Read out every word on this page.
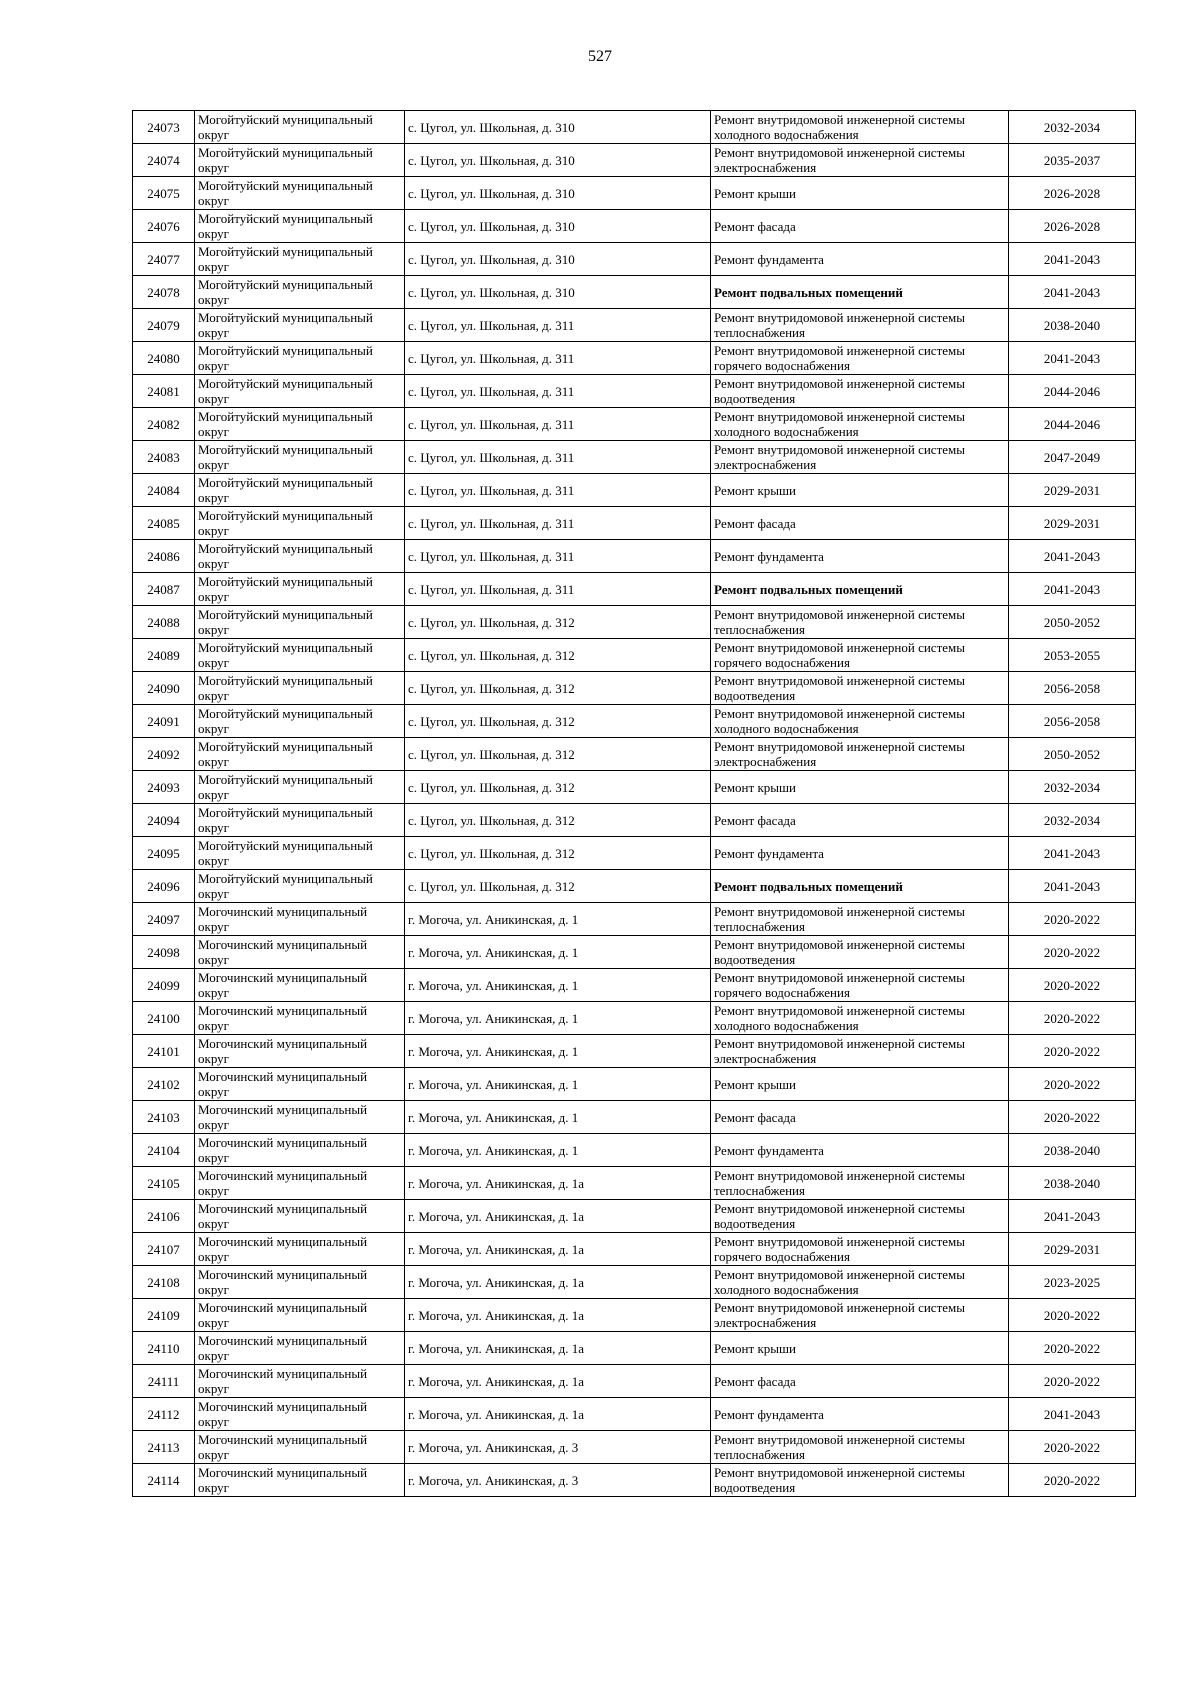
527
24073	Могойтуйский муниципальный округ	с. Цугол, ул. Школьная, д. 310	Ремонт внутридомовой инженерной системы холодного водоснабжения	2032-2034
24074	Могойтуйский муниципальный округ	с. Цугол, ул. Школьная, д. 310	Ремонт внутридомовой инженерной системы электроснабжения	2035-2037
24075	Могойтуйский муниципальный округ	с. Цугол, ул. Школьная, д. 310	Ремонт крыши	2026-2028
24076	Могойтуйский муниципальный округ	с. Цугол, ул. Школьная, д. 310	Ремонт фасада	2026-2028
24077	Могойтуйский муниципальный округ	с. Цугол, ул. Школьная, д. 310	Ремонт фундамента	2041-2043
24078	Могойтуйский муниципальный округ	с. Цугол, ул. Школьная, д. 310	Ремонт подвальных помещений	2041-2043
24079	Могойтуйский муниципальный округ	с. Цугол, ул. Школьная, д. 311	Ремонт внутридомовой инженерной системы теплоснабжения	2038-2040
24080	Могойтуйский муниципальный округ	с. Цугол, ул. Школьная, д. 311	Ремонт внутридомовой инженерной системы горячего водоснабжения	2041-2043
24081	Могойтуйский муниципальный округ	с. Цугол, ул. Школьная, д. 311	Ремонт внутридомовой инженерной системы водоотведения	2044-2046
24082	Могойтуйский муниципальный округ	с. Цугол, ул. Школьная, д. 311	Ремонт внутридомовой инженерной системы холодного водоснабжения	2044-2046
24083	Могойтуйский муниципальный округ	с. Цугол, ул. Школьная, д. 311	Ремонт внутридомовой инженерной системы электроснабжения	2047-2049
24084	Могойтуйский муниципальный округ	с. Цугол, ул. Школьная, д. 311	Ремонт крыши	2029-2031
24085	Могойтуйский муниципальный округ	с. Цугол, ул. Школьная, д. 311	Ремонт фасада	2029-2031
24086	Могойтуйский муниципальный округ	с. Цугол, ул. Школьная, д. 311	Ремонт фундамента	2041-2043
24087	Могойтуйский муниципальный округ	с. Цугол, ул. Школьная, д. 311	Ремонт подвальных помещений	2041-2043
24088	Могойтуйский муниципальный округ	с. Цугол, ул. Школьная, д. 312	Ремонт внутридомовой инженерной системы теплоснабжения	2050-2052
24089	Могойтуйский муниципальный округ	с. Цугол, ул. Школьная, д. 312	Ремонт внутридомовой инженерной системы горячего водоснабжения	2053-2055
24090	Могойтуйский муниципальный округ	с. Цугол, ул. Школьная, д. 312	Ремонт внутридомовой инженерной системы водоотведения	2056-2058
24091	Могойтуйский муниципальный округ	с. Цугол, ул. Школьная, д. 312	Ремонт внутридомовой инженерной системы холодного водоснабжения	2056-2058
24092	Могойтуйский муниципальный округ	с. Цугол, ул. Школьная, д. 312	Ремонт внутридомовой инженерной системы электроснабжения	2050-2052
24093	Могойтуйский муниципальный округ	с. Цугол, ул. Школьная, д. 312	Ремонт крыши	2032-2034
24094	Могойтуйский муниципальный округ	с. Цугол, ул. Школьная, д. 312	Ремонт фасада	2032-2034
24095	Могойтуйский муниципальный округ	с. Цугол, ул. Школьная, д. 312	Ремонт фундамента	2041-2043
24096	Могойтуйский муниципальный округ	с. Цугол, ул. Школьная, д. 312	Ремонт подвальных помещений	2041-2043
24097	Могочинский муниципальный округ	г. Могоча, ул. Аникинская, д. 1	Ремонт внутридомовой инженерной системы теплоснабжения	2020-2022
24098	Могочинский муниципальный округ	г. Могоча, ул. Аникинская, д. 1	Ремонт внутридомовой инженерной системы водоотведения	2020-2022
24099	Могочинский муниципальный округ	г. Могоча, ул. Аникинская, д. 1	Ремонт внутридомовой инженерной системы горячего водоснабжения	2020-2022
24100	Могочинский муниципальный округ	г. Могоча, ул. Аникинская, д. 1	Ремонт внутридомовой инженерной системы холодного водоснабжения	2020-2022
24101	Могочинский муниципальный округ	г. Могоча, ул. Аникинская, д. 1	Ремонт внутридомовой инженерной системы электроснабжения	2020-2022
24102	Могочинский муниципальный округ	г. Могоча, ул. Аникинская, д. 1	Ремонт крыши	2020-2022
24103	Могочинский муниципальный округ	г. Могоча, ул. Аникинская, д. 1	Ремонт фасада	2020-2022
24104	Могочинский муниципальный округ	г. Могоча, ул. Аникинская, д. 1	Ремонт фундамента	2038-2040
24105	Могочинский муниципальный округ	г. Могоча, ул. Аникинская, д. 1а	Ремонт внутридомовой инженерной системы теплоснабжения	2038-2040
24106	Могочинский муниципальный округ	г. Могоча, ул. Аникинская, д. 1а	Ремонт внутридомовой инженерной системы водоотведения	2041-2043
24107	Могочинский муниципальный округ	г. Могоча, ул. Аникинская, д. 1а	Ремонт внутридомовой инженерной системы горячего водоснабжения	2029-2031
24108	Могочинский муниципальный округ	г. Могоча, ул. Аникинская, д. 1а	Ремонт внутридомовой инженерной системы холодного водоснабжения	2023-2025
24109	Могочинский муниципальный округ	г. Могоча, ул. Аникинская, д. 1а	Ремонт внутридомовой инженерной системы электроснабжения	2020-2022
24110	Могочинский муниципальный округ	г. Могоча, ул. Аникинская, д. 1а	Ремонт крыши	2020-2022
24111	Могочинский муниципальный округ	г. Могоча, ул. Аникинская, д. 1а	Ремонт фасада	2020-2022
24112	Могочинский муниципальный округ	г. Могоча, ул. Аникинская, д. 1а	Ремонт фундамента	2041-2043
24113	Могочинский муниципальный округ	г. Могоча, ул. Аникинская, д. 3	Ремонт внутридомовой инженерной системы теплоснабжения	2020-2022
24114	Могочинский муниципальный округ	г. Могоча, ул. Аникинская, д. 3	Ремонт внутридомовой инженерной системы водоотведения	2020-2022
